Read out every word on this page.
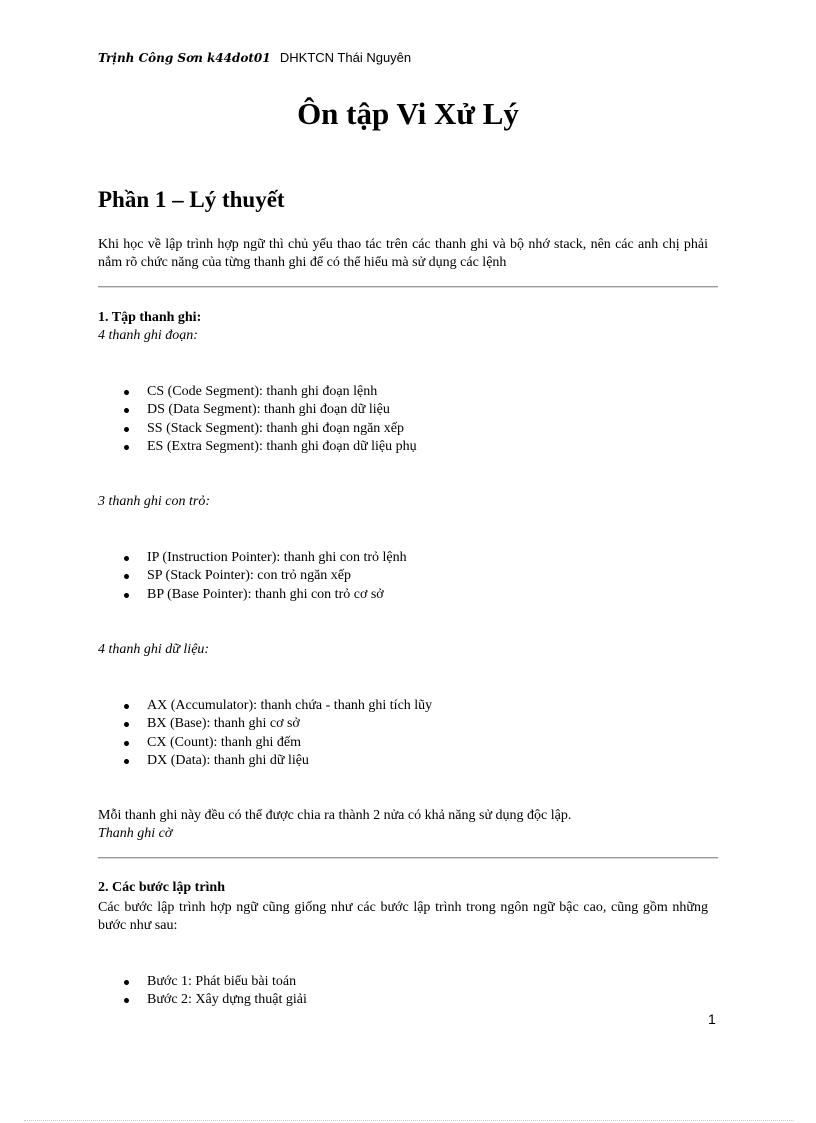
Trịnh Công Sơn k44dot01 DHKTCN Thái Nguyên
Ôn tập Vi Xử Lý
Phần 1 – Lý thuyết

Khi học về lập trình hợp ngữ thì chủ yếu thao tác trên các thanh ghi và bộ nhớ stack, nên các anh chị phải nắm rõ chức năng của từng thanh ghi để có thể hiểu mà sử dụng các lệnh

1. Tập thanh ghi:

4 thanh ghi đoạn:

CS (Code Segment): thanh ghi đoạn lệnh
DS (Data Segment): thanh ghi đoạn dữ liệu
SS (Stack Segment): thanh ghi đoạn ngăn xếp
ES (Extra Segment): thanh ghi đoạn dữ liệu phụ

3 thanh ghi con trỏ:

IP (Instruction Pointer): thanh ghi con trỏ lệnh
SP (Stack Pointer): con trỏ ngăn xếp
BP (Base Pointer): thanh ghi con trỏ cơ sở

4 thanh ghi dữ liệu:

AX (Accumulator): thanh chứa - thanh ghi tích lũy
BX (Base): thanh ghi cơ sở
CX (Count): thanh ghi đếm
DX (Data): thanh ghi dữ liệu

Mỗi thanh ghi này đều có thể được chia ra thành 2 nửa có khả năng sử dụng độc lập.

Thanh ghi cờ

2. Các bước lập trình

Các bước lập trình hợp ngữ cũng giống như các bước lập trình trong ngôn ngữ bậc cao, cũng gồm những bước như sau:

Bước 1: Phát biểu bài toán
Bước 2: Xây dựng thuật giải
1
